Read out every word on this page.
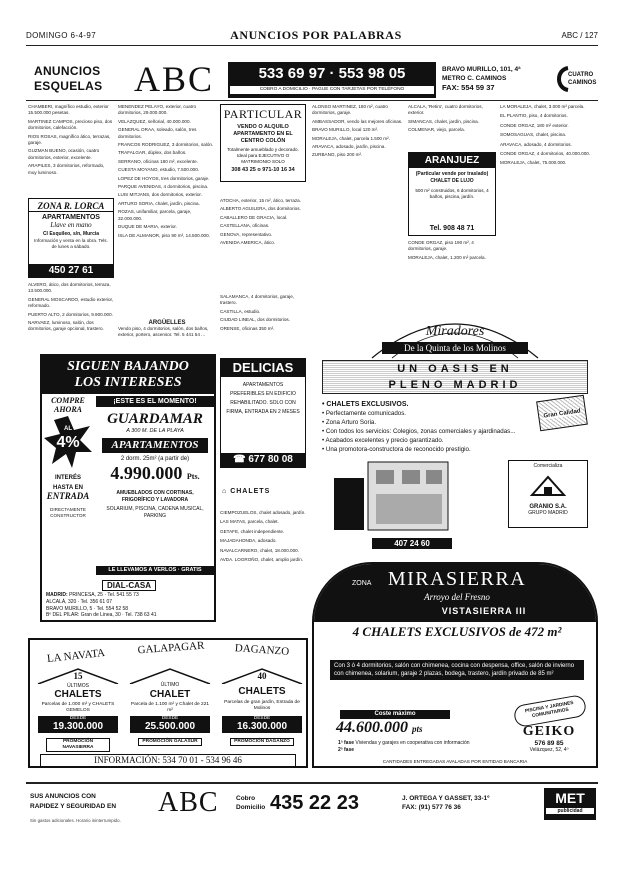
DOMINGO 6-4-97	ANUNCIOS POR PALABRAS	ABC / 127
ANUNCIOS
ESQUELAS ABC	533 69 97 · 553 98 05
COBRO A DOMICILIO · PAGUE CON TARJETAS POR TELÉFONO
BRAVO MURILLO, 101, 4ª
METRO C. CAMINOS
FAX: 554 59 37
CUATRO
CAMINOS

CHAMBERI, magnífico estudio, exterior 15.500.000 pesetas.

MARTINEZ CAMPOS, precioso piso, dos dormitorios, calefacción.

RIOS ROSAS, magnífico ático, terrazas, garaje.

GUZMAN BUENO, ocasión, cuatro dormitorios, exterior, excelente.

ARAPILES, 3 dormitorios, reformado, muy luminoso.

ZONA R. LORCA
APARTAMENTOS
Llave en mano
Cl Esquileo, s/n, Murcia
Información y venta en la obra. Tels. de lunes a sábado.
450 27 61

ALVERO, ático, dos dormitorios, terraza, 13.500.000.

GENERAL MOSCARDO, estudio exterior, reformado.

PUERTO ALTO, 2 dormitorios, 9.900.000.

NARVAEZ, luminoso, salón, dos dormitorios, garaje opcional, trastero.

MENENDEZ PELAYO, exterior, cuatro dormitorios, 29.000.000.

VELAZQUEZ, señorial, 40.000.000.

GENERAL ORAA, soleado, salón, tres dormitorios.

FRANCOS RODRIGUEZ, 3 dormitorios, salón.

TRAFALGAR, dúplex, dos baños.

SERRANO, oficinas 180 m², excelente.

CUESTA MOYANO, estudio, 7.500.000.

LOPEZ DE HOYOS, tres dormitorios, garaje.

PARQUE AVENIDAS, 4 dormitorios, piscina.

LUIS MITJANS, dos dormitorios, exterior.

ARTURO SORIA, chalet, jardín, piscina.

ROZAS, unifamiliar, parcela, garaje, 32.000.000.

DUQUE DE MARIA, exterior.

ISLA DE ALMANOR, piso 90 m², 14.500.000.

ARGÜELLES
Vendo piso, 4 dormitorios, salón, dos baños, exterior, portero, ascensor. Tel. 5 441 54 ...
PARTICULAR
VENDO O ALQUILO APARTAMENTO EN EL CENTRO COLÓN
Totalmente amueblado y decorado. Ideal para EJECUTIVO O MATRIMONIO SOLO
308 43 25 o 971-10 16 34

ALONSO MARTINEZ, 180 m², cuatro dormitorios, garaje.

AMBASSADOR, vendo las mejores oficinas.

BRAVO MURILLO, local 120 m².

MORALEJA, chalet, parcela 1.500 m².

ARAVACA, adosado, jardín, piscina.

ZURBANO, piso 200 m².

ATOCHA, exterior, 15 m², ático, terraza.

ALBERTO AGUILERA, dos dormitorios.

CABALLERO DE GRACIA, local.

CASTELLANA, oficinas.

GENOVA, representativo.

AVENIDA AMERICA, ático.

SALAMANCA, 4 dormitorios, garaje, trastero.

CASTILLA, estudio.

CIUDAD LINEAL, dos dormitorios.

ORENSE, oficinas 350 m².

DELICIAS
APARTAMENTOS PREFERIBLES EN EDIFICIO REHABILITADO. SOLO CON FIRMA, ENTRADA EN 2 MESES
☎ 677 80 08
⌂ CHALETS

CIEMPOZUELOS, chalet adosado, jardín.

LAS MATAS, parcela, chalet.

GETAFE, chalet independiente.

MAJADAHONDA, adosado.

NAVALCARNERO, chalet, 18.000.000.

AVDA. LOGROÑO, chalet, amplio jardín.

ALCALA, 'Retiro', cuatro dormitorios, exterior.

SIMANCAS, chalet, jardín, piscina.

COLMENAR, viejo, parcela.

ARANJUEZ
(Particular vende por traslado) CHALET DE LUJO
500 m² construidos, 6 dormitorios, 4 baños, piscina, jardín.
Tel. 908 48 71

CONDE ORGAZ, piso 190 m², 4 dormitorios, garaje.

MORALEJA, chalet, 1.200 m² parcela.

LA MORALEJA, chalet, 3.000 m² parcela.

EL PLANTIO, piso, 4 dormitorios.

CONDE ORGAZ, 180 m² exterior.

SOMOSAGUAS, chalet, piscina.

ARAVACA, adosado, 4 dormitorios.

CONDE ORGAZ, 4 dormitorios, 40.000.000.

MORALEJA, chalet, 75.000.000.

Miradores
De la Quinta de los Molinos
UN OASIS EN
PLENO MADRID
• CHALETS EXCLUSIVOS.
• Perfectamente comunicados.
• Zona Arturo Soria.
• Con todos los servicios: Colegios, zonas comerciales y ajardinadas...
• Acabados excelentes y precio garantizado.
• Una promotora-constructora de reconocido prestigio.
Gran Calidad
407 24 60
Comercializa
GRANIO S.A.
GRUPO MADRID
SIGUEN BAJANDO
LOS INTERESES
COMPRE AHORA
AL
4%
INTERÉS
HASTA EN
ENTRADA
DIRECTAMENTE CONSTRUCTOR
¡ESTE ES EL MOMENTO!
GUARDAMAR
A 300 M. DE LA PLAYA
APARTAMENTOS
2 dorm. 25m² (a partir de)
4.990.000 Pts.
AMUEBLADOS CON CORTINAS, FRIGORÍFICO Y LAVADORA
SOLARIUM, PISCINA, CADENA MUSICAL, PARKING
LE LLEVAMOS A VERLOS · GRATIS
DIAL-CASA
MADRID: PRINCESA, 25 · Tel. 541 55 73
ALCALÁ, 320 · Tel. 356 61 07
BRAVO MURILLO, 5 · Tel. 554 52 58
Bº DEL PILAR: Gran de Linea, 30 · Tel. 738 63 41
ZONA MIRASIERRA
Arroyo del Fresno
VISTASIERRA III
4 CHALETS EXCLUSIVOS de 472 m²
Con 3 ó 4 dormitorios, salón con chimenea, cocina con despensa, office, salón de invierno con chimenea, solarium, garaje 2 plazas, bodega, trastero, jardín privado de 85 m²
PISCINA Y JARDINES COMUNITARIOS
Coste máximo
44.600.000 pts
1ª fase Viviendas y garajes en cooperativa con información
2ª fase
GEIKO
576 89 85
Velázquez, 52, 4º
CANTIDADES ENTREGADAS AVALADAS POR ENTIDAD BANCARIA
LA NAVATA	GALAPAGAR	DAGANZO
15
ÚLTIMOS
CHALETS
Parcelas de 1.000 m² y CHALETS GEMELOS
DESDE
19.300.000
PROMOCIÓN NAVASIERRA
ÚLTIMO
CHALET
Parcela de 1.100 m² y Chalet de 221 m²
DESDE
25.500.000
PROMOCIÓN GALASUR
40
CHALETS
Parcelas de gran jardín, Entrada de Molinos
DESDE
16.300.000
PROMOCIÓN DAGANZO
INFORMACIÓN: 534 70 01 - 534 96 46
SUS ANUNCIOS CON
RAPIDEZ Y SEGURIDAD EN	ABC	Cobro
Domicilio 435 22 23	J. ORTEGA Y GASSET, 33-1º
FAX: (91) 577 76 36
MET
publicidad
Sin gastos adicionales. Horario ininterrumpido.
